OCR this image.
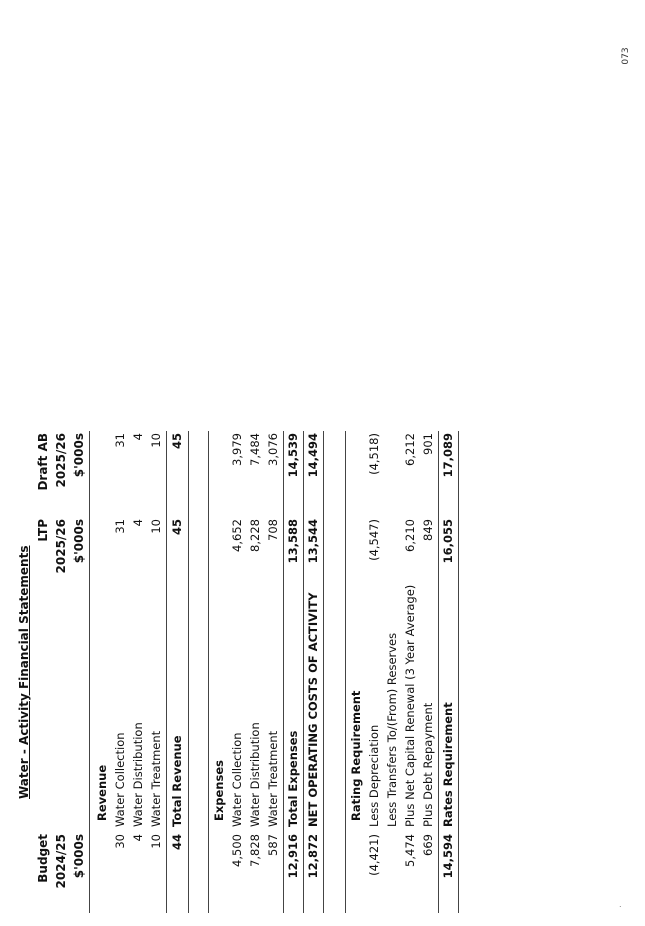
073
.
Water - Activity Financial Statements
Budget
LTP
Draft AB
2024/25
2025/26
2025/26
$'000s
$'000s
$'000s
Revenue
30
Water Collection
31
31
4
Water Distribution
4
4
10
Water Treatment
10
10
44
Total Revenue
45
45
Expenses
4,500
Water Collection
4,652
3,979
7,828
Water Distribution
8,228
7,484
587
Water Treatment
708
3,076
12,916
Total Expenses
13,588
14,539
12,872
NET OPERATING COSTS OF ACTIVITY
13,544
14,494
Rating Requirement
(4,421)
Less Depreciation
(4,547)
(4,518)
Less Transfers To/(From) Reserves
5,474
Plus Net Capital Renewal (3 Year Average)
6,210
6,212
669
Plus Debt Repayment
849
901
14,594
Rates Requirement
16,055
17,089
